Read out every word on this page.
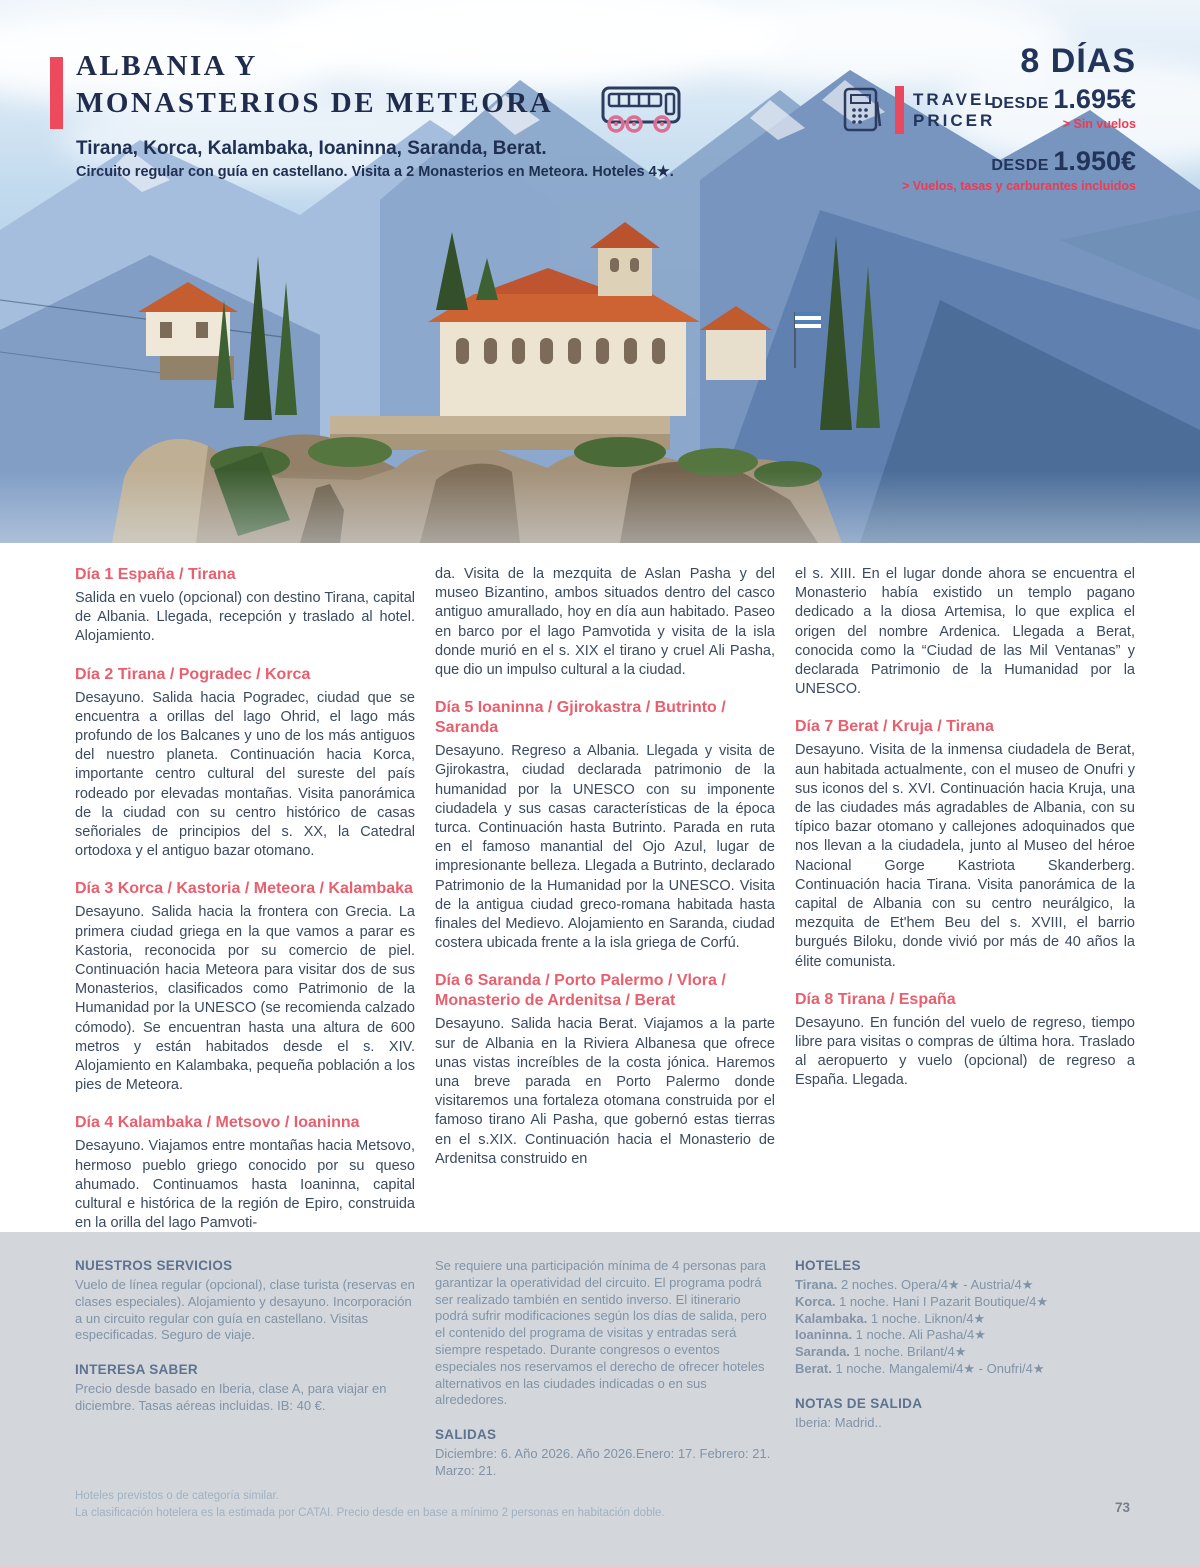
ALBANIA Y
MONASTERIOS DE METEORA
Tirana, Korca, Kalambaka, Ioaninna, Saranda, Berat.
Circuito regular con guía en castellano. Visita a 2 Monasterios en Meteora. Hoteles 4★.
TRAVEL
PRICER
8 DÍAS
DESDE 1.695€
> Sin vuelos
DESDE 1.950€
> Vuelos, tasas y carburantes incluidos
Día 1 España / Tirana

Salida en vuelo (opcional) con destino Tirana, capital de Albania. Llegada, recepción y traslado al hotel. Alojamiento.

Día 2 Tirana / Pogradec / Korca

Desayuno. Salida hacia Pogradec, ciudad que se encuentra a orillas del lago Ohrid, el lago más profundo de los Balcanes y uno de los más antiguos del nuestro planeta. Continuación hacia Korca, importante centro cultural del sureste del país rodeado por elevadas montañas. Visita panorámica de la ciudad con su centro histórico de casas señoriales de principios del s. XX, la Catedral ortodoxa y el antiguo bazar otomano.

Día 3 Korca / Kastoria / Meteora / Kalambaka

Desayuno. Salida hacia la frontera con Grecia. La primera ciudad griega en la que vamos a parar es Kastoria, reconocida por su comercio de piel. Continuación hacia Meteora para visitar dos de sus Monasterios, clasificados como Patrimonio de la Humanidad por la UNESCO (se recomienda calzado cómodo). Se encuentran hasta una altura de 600 metros y están habitados desde el s. XIV. Alojamiento en Kalambaka, pequeña población a los pies de Meteora.

Día 4 Kalambaka / Metsovo / Ioaninna

Desayuno. Viajamos entre montañas hacia Metsovo, hermoso pueblo griego conocido por su queso ahumado. Continuamos hasta Ioaninna, capital cultural e histórica de la región de Epiro, construida en la orilla del lago Pamvoti-

da. Visita de la mezquita de Aslan Pasha y del museo Bizantino, ambos situados dentro del casco antiguo amurallado, hoy en día aun habitado. Paseo en barco por el lago Pamvotida y visita de la isla donde murió en el s. XIX el tirano y cruel Ali Pasha, que dio un impulso cultural a la ciudad.

Día 5 Ioaninna / Gjirokastra / Butrinto / Saranda

Desayuno. Regreso a Albania. Llegada y visita de Gjirokastra, ciudad declarada patrimonio de la humanidad por la UNESCO con su imponente ciudadela y sus casas características de la época turca. Continuación hasta Butrinto. Parada en ruta en el famoso manantial del Ojo Azul, lugar de impresionante belleza. Llegada a Butrinto, declarado Patrimonio de la Humanidad por la UNESCO. Visita de la antigua ciudad greco-romana habitada hasta finales del Medievo. Alojamiento en Saranda, ciudad costera ubicada frente a la isla griega de Corfú.

Día 6 Saranda / Porto Palermo / Vlora / Monasterio de Ardenitsa / Berat

Desayuno. Salida hacia Berat. Viajamos a la parte sur de Albania en la Riviera Albanesa que ofrece unas vistas increíbles de la costa jónica. Haremos una breve parada en Porto Palermo donde visitaremos una fortaleza otomana construida por el famoso tirano Ali Pasha, que gobernó estas tierras en el s.XIX. Continuación hacia el Monasterio de Ardenitsa construido en

el s. XIII. En el lugar donde ahora se encuentra el Monasterio había existido un templo pagano dedicado a la diosa Artemisa, lo que explica el origen del nombre Ardenica. Llegada a Berat, conocida como la “Ciudad de las Mil Ventanas” y declarada Patrimonio de la Humanidad por la UNESCO.

Día 7 Berat / Kruja / Tirana

Desayuno. Visita de la inmensa ciudadela de Berat, aun habitada actualmente, con el museo de Onufri y sus iconos del s. XVI. Continuación hacia Kruja, una de las ciudades más agradables de Albania, con su típico bazar otomano y callejones adoquinados que nos llevan a la ciudadela, junto al Museo del héroe Nacional Gorge Kastriota Skanderberg. Continuación hacia Tirana. Visita panorámica de la capital de Albania con su centro neurálgico, la mezquita de Et'hem Beu del s. XVIII, el barrio burgués Biloku, donde vivió por más de 40 años la élite comunista.

Día 8 Tirana / España

Desayuno. En función del vuelo de regreso, tiempo libre para visitas o compras de última hora. Traslado al aeropuerto y vuelo (opcional) de regreso a España. Llegada.

NUESTROS SERVICIOS

Vuelo de línea regular (opcional), clase turista (reservas en clases especiales). Alojamiento y desayuno. Incorporación a un circuito regular con guía en castellano. Visitas especificadas. Seguro de viaje.

INTERESA SABER

Precio desde basado en Iberia, clase A, para viajar en diciembre. Tasas aéreas incluidas. IB: 40 €.

Se requiere una participación mínima de 4 personas para garantizar la operatividad del circuito. El programa podrá ser realizado también en sentido inverso. El itinerario podrá sufrir modificaciones según los días de salida, pero el contenido del programa de visitas y entradas será siempre respetado. Durante congresos o eventos especiales nos reservamos el derecho de ofrecer hoteles alternativos en las ciudades indicadas o en sus alrededores.

SALIDAS

Diciembre: 6. Año 2026. Año 2026.Enero: 17. Febrero: 21. Marzo: 21.

HOTELES
Tirana. 2 noches. Opera/4★ - Austria/4★
Korca. 1 noche. Hani I Pazarit Boutique/4★
Kalambaka. 1 noche. Liknon/4★
Ioaninna. 1 noche. Ali Pasha/4★
Saranda. 1 noche. Brilant/4★
Berat. 1 noche. Mangalemi/4★ - Onufri/4★
NOTAS DE SALIDA

Iberia: Madrid..

Hoteles previstos o de categoría similar.
La clasificación hotelera es la estimada por CATAI. Precio desde en base a mínimo 2 personas en habitación doble.	73
